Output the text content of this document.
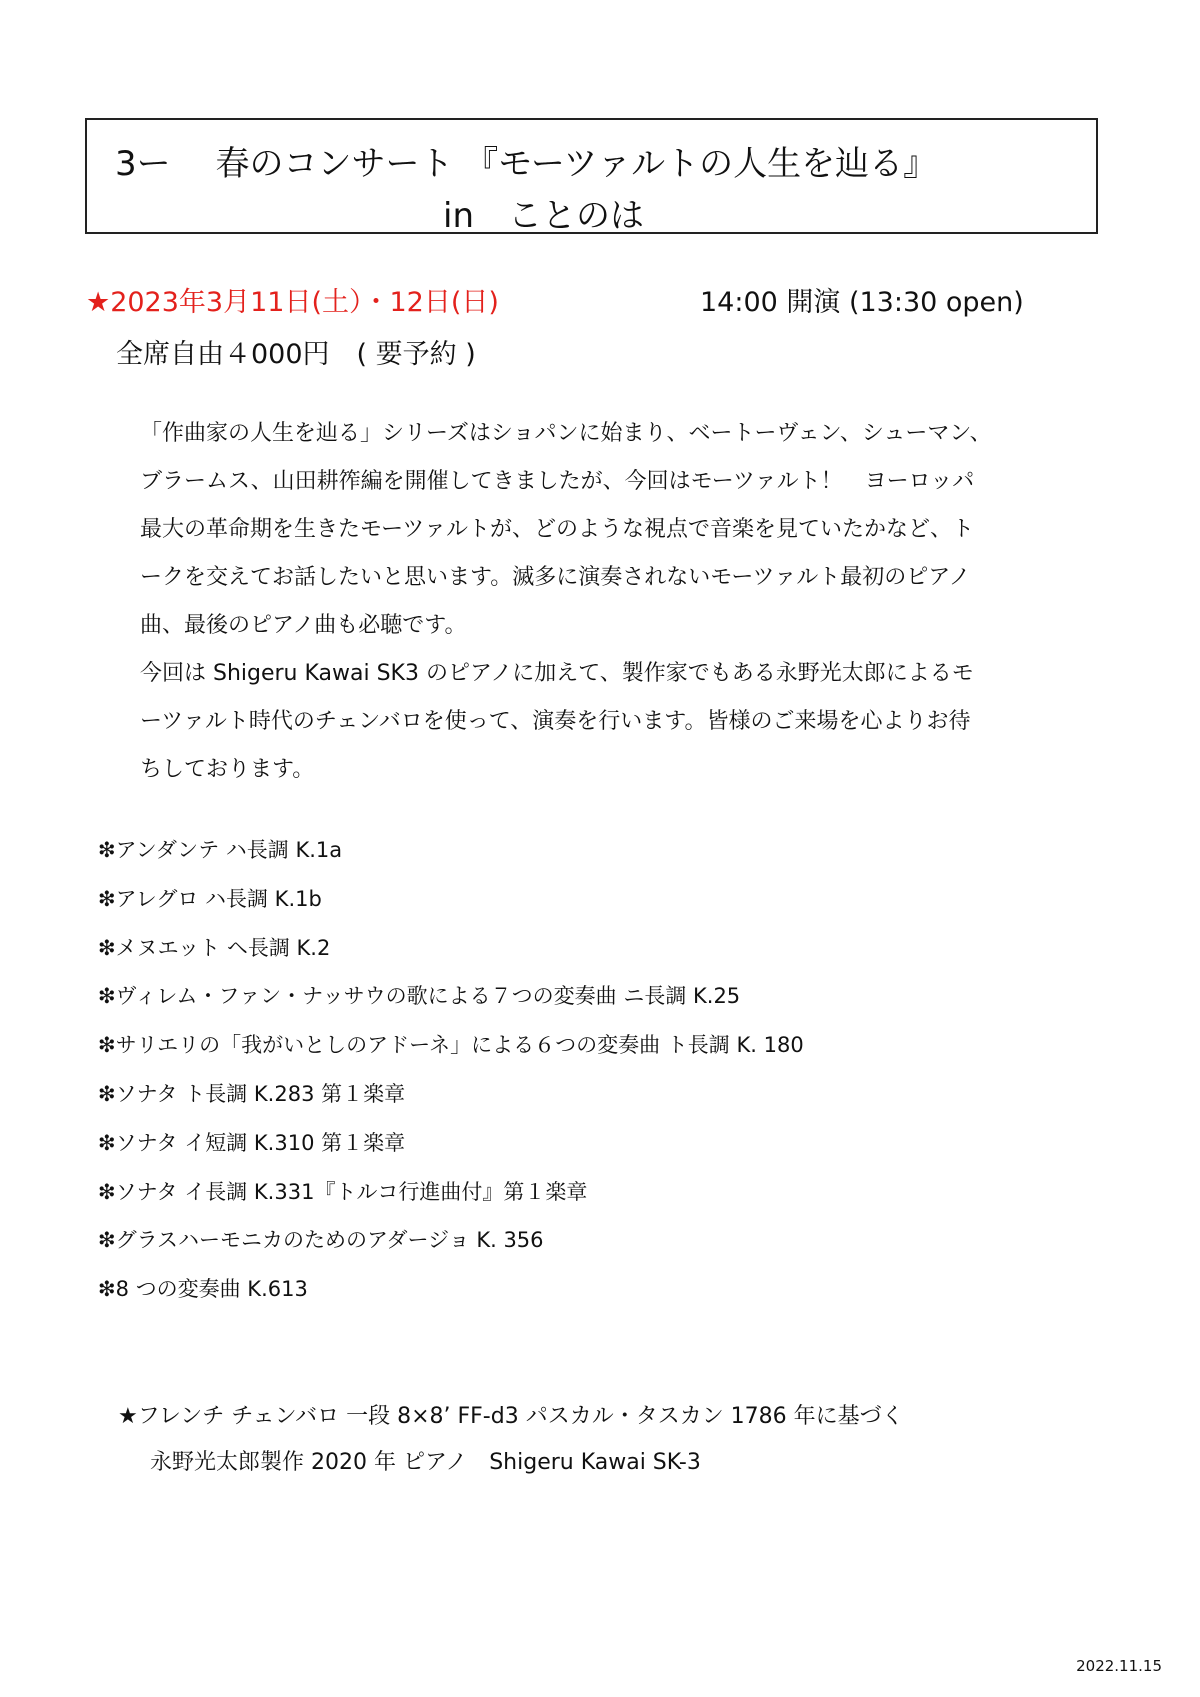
3ー　 春のコンサート 『モーツァルトの人生を辿る』
in　ことのは
★2023年3月11日(土）・12日(日)	14:00 開演 (13:30 open)
全席自由４000円　( 要予約 )

「作曲家の人生を辿る」シリーズはショパンに始まり、ベートーヴェン、シューマン、

ブラームス、山田耕筰編を開催してきましたが、今回はモーツァルト！　ヨーロッパ

最大の革命期を生きたモーツァルトが、どのような視点で音楽を見ていたかなど、ト

ークを交えてお話したいと思います。滅多に演奏されないモーツァルト最初のピアノ

曲、最後のピアノ曲も必聴です。

今回は Shigeru Kawai SK3 のピアノに加えて、製作家でもある永野光太郎によるモ

ーツァルト時代のチェンバロを使って、演奏を行います。皆様のご来場を心よりお待

ちしております。

❇アンダンテ ハ長調 K.1a
❇アレグロ ハ長調 K.1b
❇メヌエット ヘ長調 K.2
❇ヴィレム・ファン・ナッサウの歌による７つの変奏曲 ニ長調 K.25
❇サリエリの「我がいとしのアドーネ」による６つの変奏曲 ト長調 K. 180
❇ソナタ ト長調 K.283 第１楽章
❇ソナタ イ短調 K.310 第１楽章
❇ソナタ イ長調 K.331『トルコ行進曲付』第１楽章
❇グラスハーモニカのためのアダージョ K. 356
❇8 つの変奏曲 K.613

★フレンチ チェンバロ 一段 8×8’ FF-d3 パスカル・タスカン 1786 年に基づく

永野光太郎製作 2020 年 ピアノ　Shigeru Kawai SK-3

2022.11.15
